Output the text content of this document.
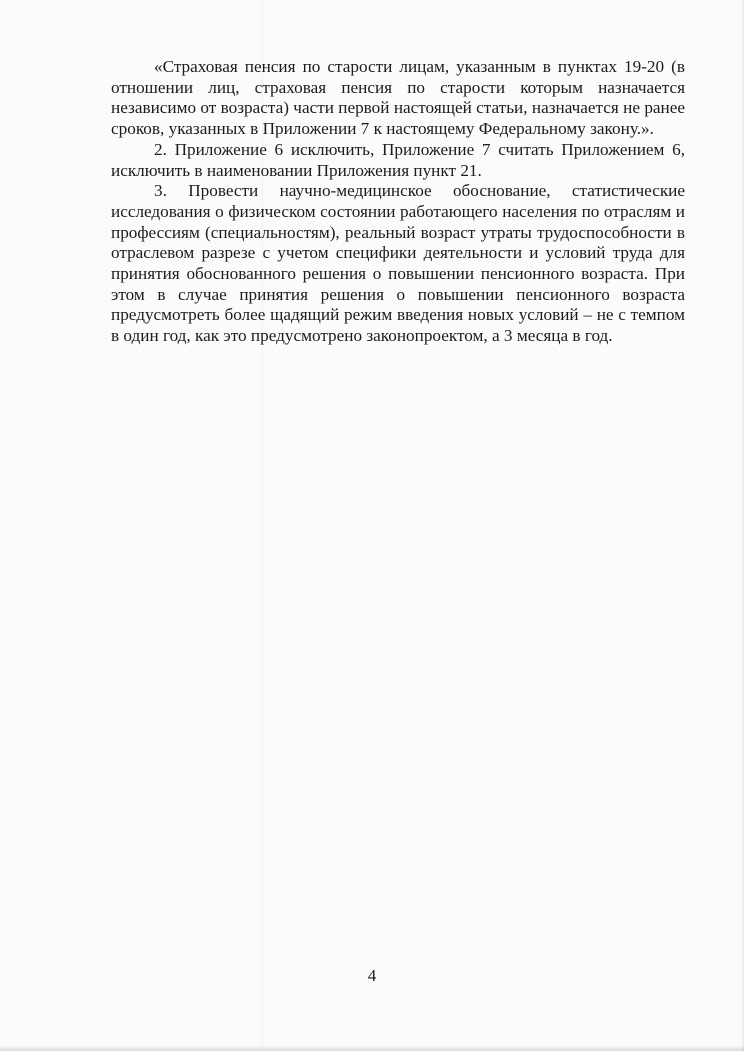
«Страховая пенсия по старости лицам, указанным в пунктах 19-20 (в отношении лиц, страховая пенсия по старости которым назначается независимо от возраста) части первой настоящей статьи, назначается не ранее сроков, указанных в Приложении 7 к настоящему Федеральному закону.».

2. Приложение 6 исключить, Приложение 7 считать Приложением 6, исключить в наименовании Приложения пункт 21.

3. Провести научно-медицинское обоснование, статистические исследования о физическом состоянии работающего населения по отраслям и профессиям (специальностям), реальный возраст утраты трудоспособности в отраслевом разрезе с учетом специфики деятельности и условий труда для принятия обоснованного решения о повышении пенсионного возраста. При этом в случае принятия решения о повышении пенсионного возраста предусмотреть более щадящий режим введения новых условий – не с темпом в один год, как это предусмотрено законопроектом, а 3 месяца в год.

4
